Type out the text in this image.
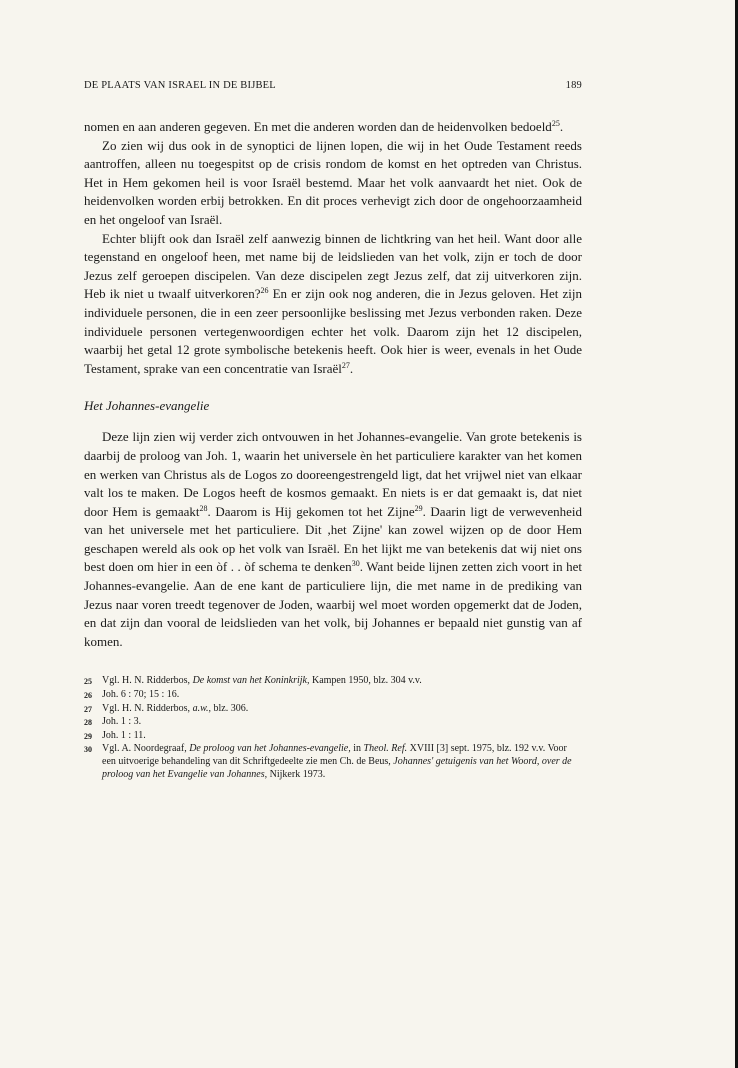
DE PLAATS VAN ISRAEL IN DE BIJBEL	189

nomen en aan anderen gegeven. En met die anderen worden dan de heidenvolken bedoeld$^{25}$.

Zo zien wij dus ook in de synoptici de lijnen lopen, die wij in het Oude Testament reeds aantroffen, alleen nu toegespitst op de crisis rondom de komst en het optreden van Christus. Het in Hem gekomen heil is voor Israël bestemd. Maar het volk aanvaardt het niet. Ook de heidenvolken worden erbij betrokken. En dit proces verhevigt zich door de ongehoorzaamheid en het ongeloof van Israël.

Echter blijft ook dan Israël zelf aanwezig binnen de lichtkring van het heil. Want door alle tegenstand en ongeloof heen, met name bij de leidslieden van het volk, zijn er toch de door Jezus zelf geroepen discipelen. Van deze discipelen zegt Jezus zelf, dat zij uitverkoren zijn. Heb ik niet u twaalf uitverkoren?$^{26}$ En er zijn ook nog anderen, die in Jezus geloven. Het zijn individuele personen, die in een zeer persoonlijke beslissing met Jezus verbonden raken. Deze individuele personen vertegenwoordigen echter het volk. Daarom zijn het 12 discipelen, waarbij het getal 12 grote symbolische betekenis heeft. Ook hier is weer, evenals in het Oude Testament, sprake van een concentratie van Israël$^{27}$.

Het Johannes-evangelie

Deze lijn zien wij verder zich ontvouwen in het Johannes-evangelie. Van grote betekenis is daarbij de proloog van Joh. 1, waarin het universele èn het particuliere karakter van het komen en werken van Christus als de Logos zo dooreengestrengeld ligt, dat het vrijwel niet van elkaar valt los te maken. De Logos heeft de kosmos gemaakt. En niets is er dat gemaakt is, dat niet door Hem is gemaakt$^{28}$. Daarom is Hij gekomen tot het Zijne$^{29}$. Daarin ligt de verwevenheid van het universele met het particuliere. Dit ,het Zijne' kan zowel wijzen op de door Hem geschapen wereld als ook op het volk van Israël. En het lijkt me van betekenis dat wij niet ons best doen om hier in een òf . . òf schema te denken$^{30}$. Want beide lijnen zetten zich voort in het Johannes-evangelie. Aan de ene kant de particuliere lijn, die met name in de prediking van Jezus naar voren treedt tegenover de Joden, waarbij wel moet worden opgemerkt dat de Joden, en dat zijn dan vooral de leidslieden van het volk, bij Johannes er bepaald niet gunstig van af komen.

25	Vgl. H. N. Ridderbos, De komst van het Koninkrijk, Kampen 1950, blz. 304 v.v.
26	Joh. 6 : 70; 15 : 16.
27	Vgl. H. N. Ridderbos, a.w., blz. 306.
28	Joh. 1 : 3.
29	Joh. 1 : 11.
30	Vgl. A. Noordegraaf, De proloog van het Johannes-evangelie, in Theol. Ref. XVIII [3] sept. 1975, blz. 192 v.v. Voor een uitvoerige behandeling van dit Schriftgedeelte zie men Ch. de Beus, Johannes' getuigenis van het Woord, over de proloog van het Evangelie van Johannes, Nijkerk 1973.
